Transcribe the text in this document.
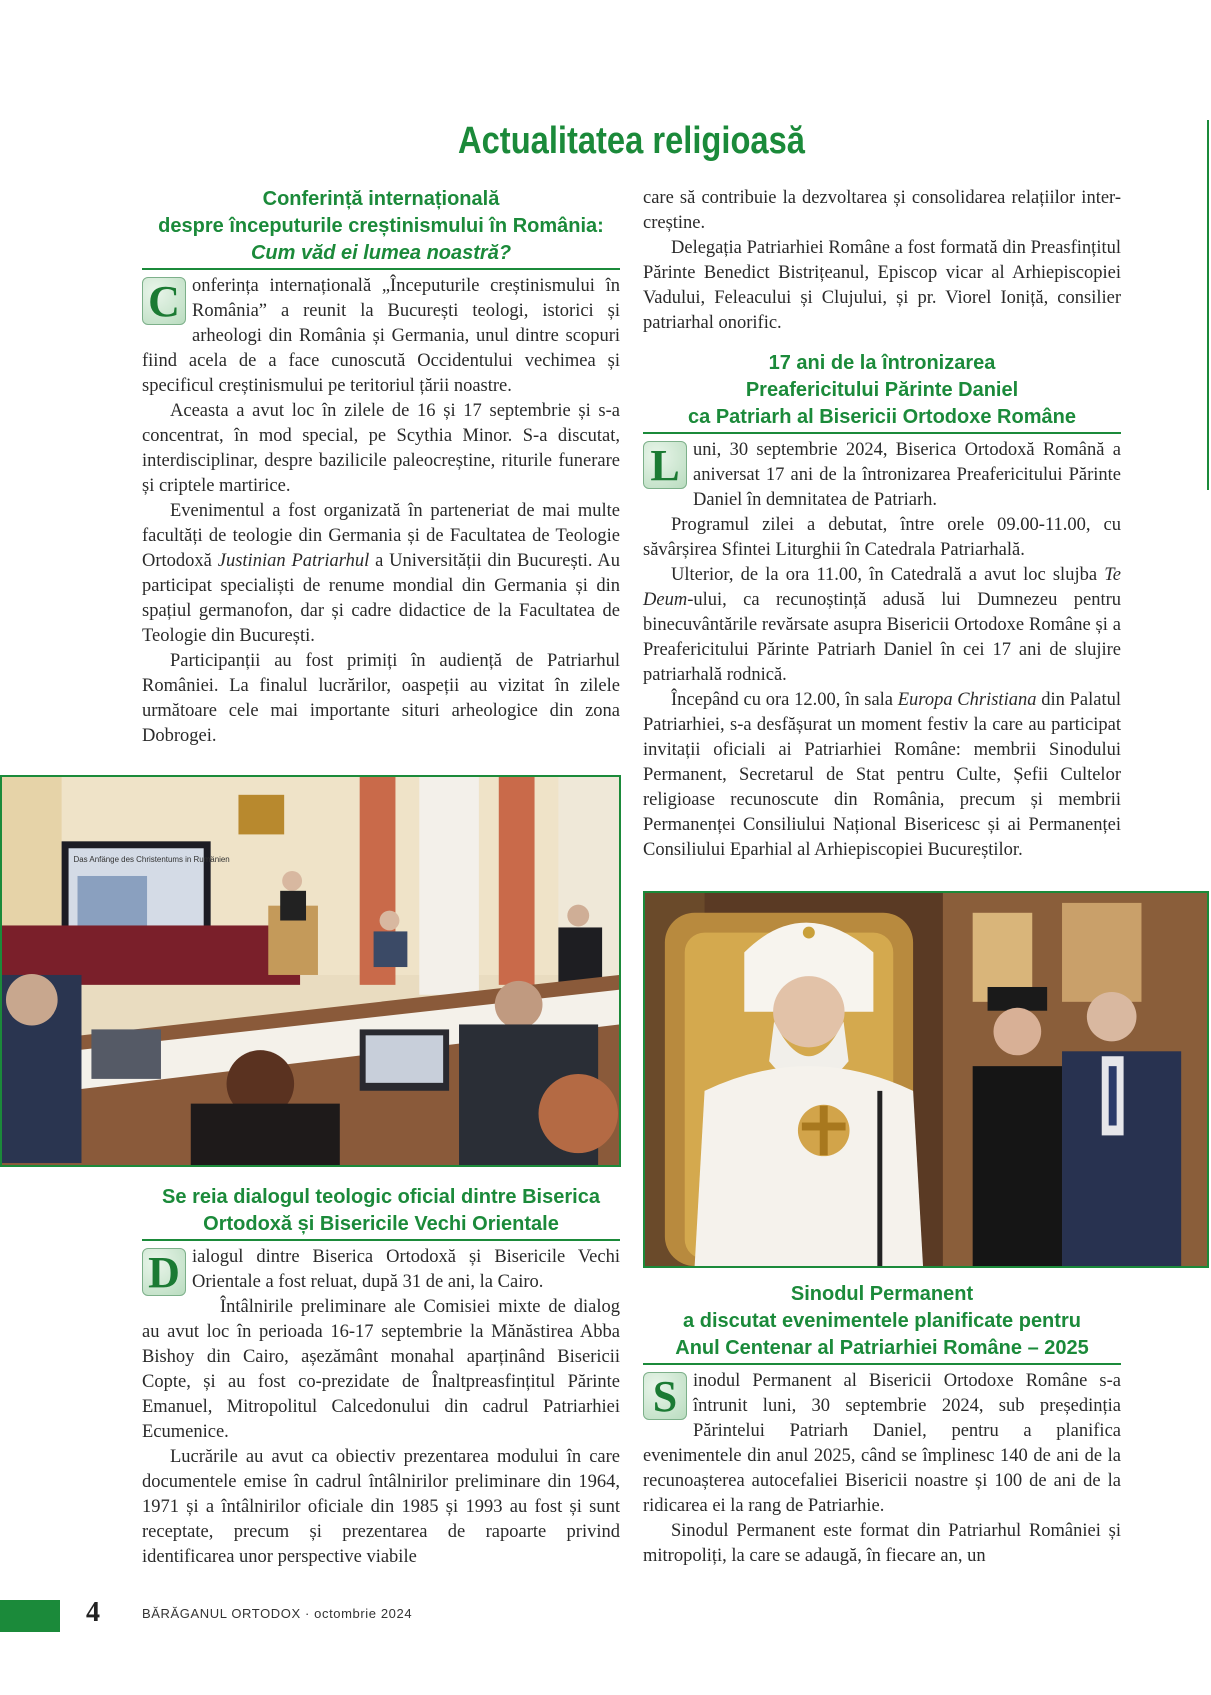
Actualitatea religioasă
Conferință internațională
despre începuturile creștinismului în România:
Cum văd ei lumea noastră?

C onferința internațională „Începuturile creștinismului în România” a reunit la București teologi, istorici și arheologi din România și Germania, unul dintre scopuri fiind acela de a face cunoscută Occidentului vechimea și specificul creștinismului pe teritoriul țării noastre.

Aceasta a avut loc în zilele de 16 și 17 septembrie și s-a concentrat, în mod special, pe Scythia Minor. S-a discutat, interdisciplinar, despre bazilicile paleocreștine, riturile funerare și criptele martirice.

Evenimentul a fost organizată în parteneriat de mai multe facultăți de teologie din Germania și de Facultatea de Teologie Ortodoxă Justinian Patriarhul a Universității din București. Au participat specialiști de renume mondial din Germania și din spațiul germanofon, dar și cadre didactice de la Facultatea de Teologie din București.

Participanții au fost primiți în audiență de Patriarhul României. La finalul lucrărilor, oaspeții au vizitat în zilele următoare cele mai importante situri arheologice din zona Dobrogei.

Das Anfänge des Christentums in Rumänien
Se reia dialogul teologic oficial dintre Biserica
Ortodoxă și Bisericile Vechi Orientale

D ialogul dintre Biserica Ortodoxă și Bisericile Vechi Orientale a fost reluat, după 31 de ani, la Cairo.

Întâlnirile preliminare ale Comisiei mixte de dialog au avut loc în perioada 16-17 septembrie la Mănăstirea Abba Bishoy din Cairo, așezământ monahal aparținând Bisericii Copte, și au fost co-prezidate de Înaltpreasfințitul Părinte Emanuel, Mitropolitul Calcedonului din cadrul Patriarhiei Ecumenice.

Lucrările au avut ca obiectiv prezentarea modului în care documentele emise în cadrul întâlnirilor preliminare din 1964, 1971 și a întâlnirilor oficiale din 1985 și 1993 au fost și sunt receptate, precum și prezentarea de rapoarte privind identificarea unor perspective viabile

care să contribuie la dezvoltarea și consolidarea relațiilor inter-creștine.

Delegația Patriarhiei Române a fost formată din Preasfințitul Părinte Benedict Bistrițeanul, Episcop vicar al Arhiepiscopiei Vadului, Feleacului și Clujului, și pr. Viorel Ioniță, consilier patriarhal onorific.

17 ani de la întronizarea
Preafericitului Părinte Daniel
ca Patriarh al Bisericii Ortodoxe Române

L uni, 30 septembrie 2024, Biserica Ortodoxă Română a aniversat 17 ani de la întronizarea Preafericitului Părinte Daniel în demnitatea de Patriarh.

Programul zilei a debutat, între orele 09.00-11.00, cu săvârșirea Sfintei Liturghii în Catedrala Patriarhală.

Ulterior, de la ora 11.00, în Catedrală a avut loc slujba Te Deum-ului, ca recunoștință adusă lui Dumnezeu pentru binecuvântările revărsate asupra Bisericii Ortodoxe Române și a Preafericitului Părinte Patriarh Daniel în cei 17 ani de slujire patriarhală rodnică.

Începând cu ora 12.00, în sala Europa Christiana din Palatul Patriarhiei, s-a desfășurat un moment festiv la care au participat invitații oficiali ai Patriarhiei Române: membrii Sinodului Permanent, Secretarul de Stat pentru Culte, Șefii Cultelor religioase recunoscute din România, precum și membrii Permanenței Consiliului Național Bisericesc și ai Permanenței Consiliului Eparhial al Arhiepiscopiei Bucureștilor.

Sinodul Permanent
a discutat evenimentele planificate pentru
Anul Centenar al Patriarhiei Române – 2025

S inodul Permanent al Bisericii Ortodoxe Române s-a întrunit luni, 30 septembrie 2024, sub președinția Părintelui Patriarh Daniel, pentru a planifica evenimentele din anul 2025, când se împlinesc 140 de ani de la recunoașterea autocefaliei Bisericii noastre și 100 de ani de la ridicarea ei la rang de Patriarhie.

Sinodul Permanent este format din Patriarhul României și mitropoliți, la care se adaugă, în fiecare an, un

4	BĂRĂGANUL ORTODOX · octombrie 2024
